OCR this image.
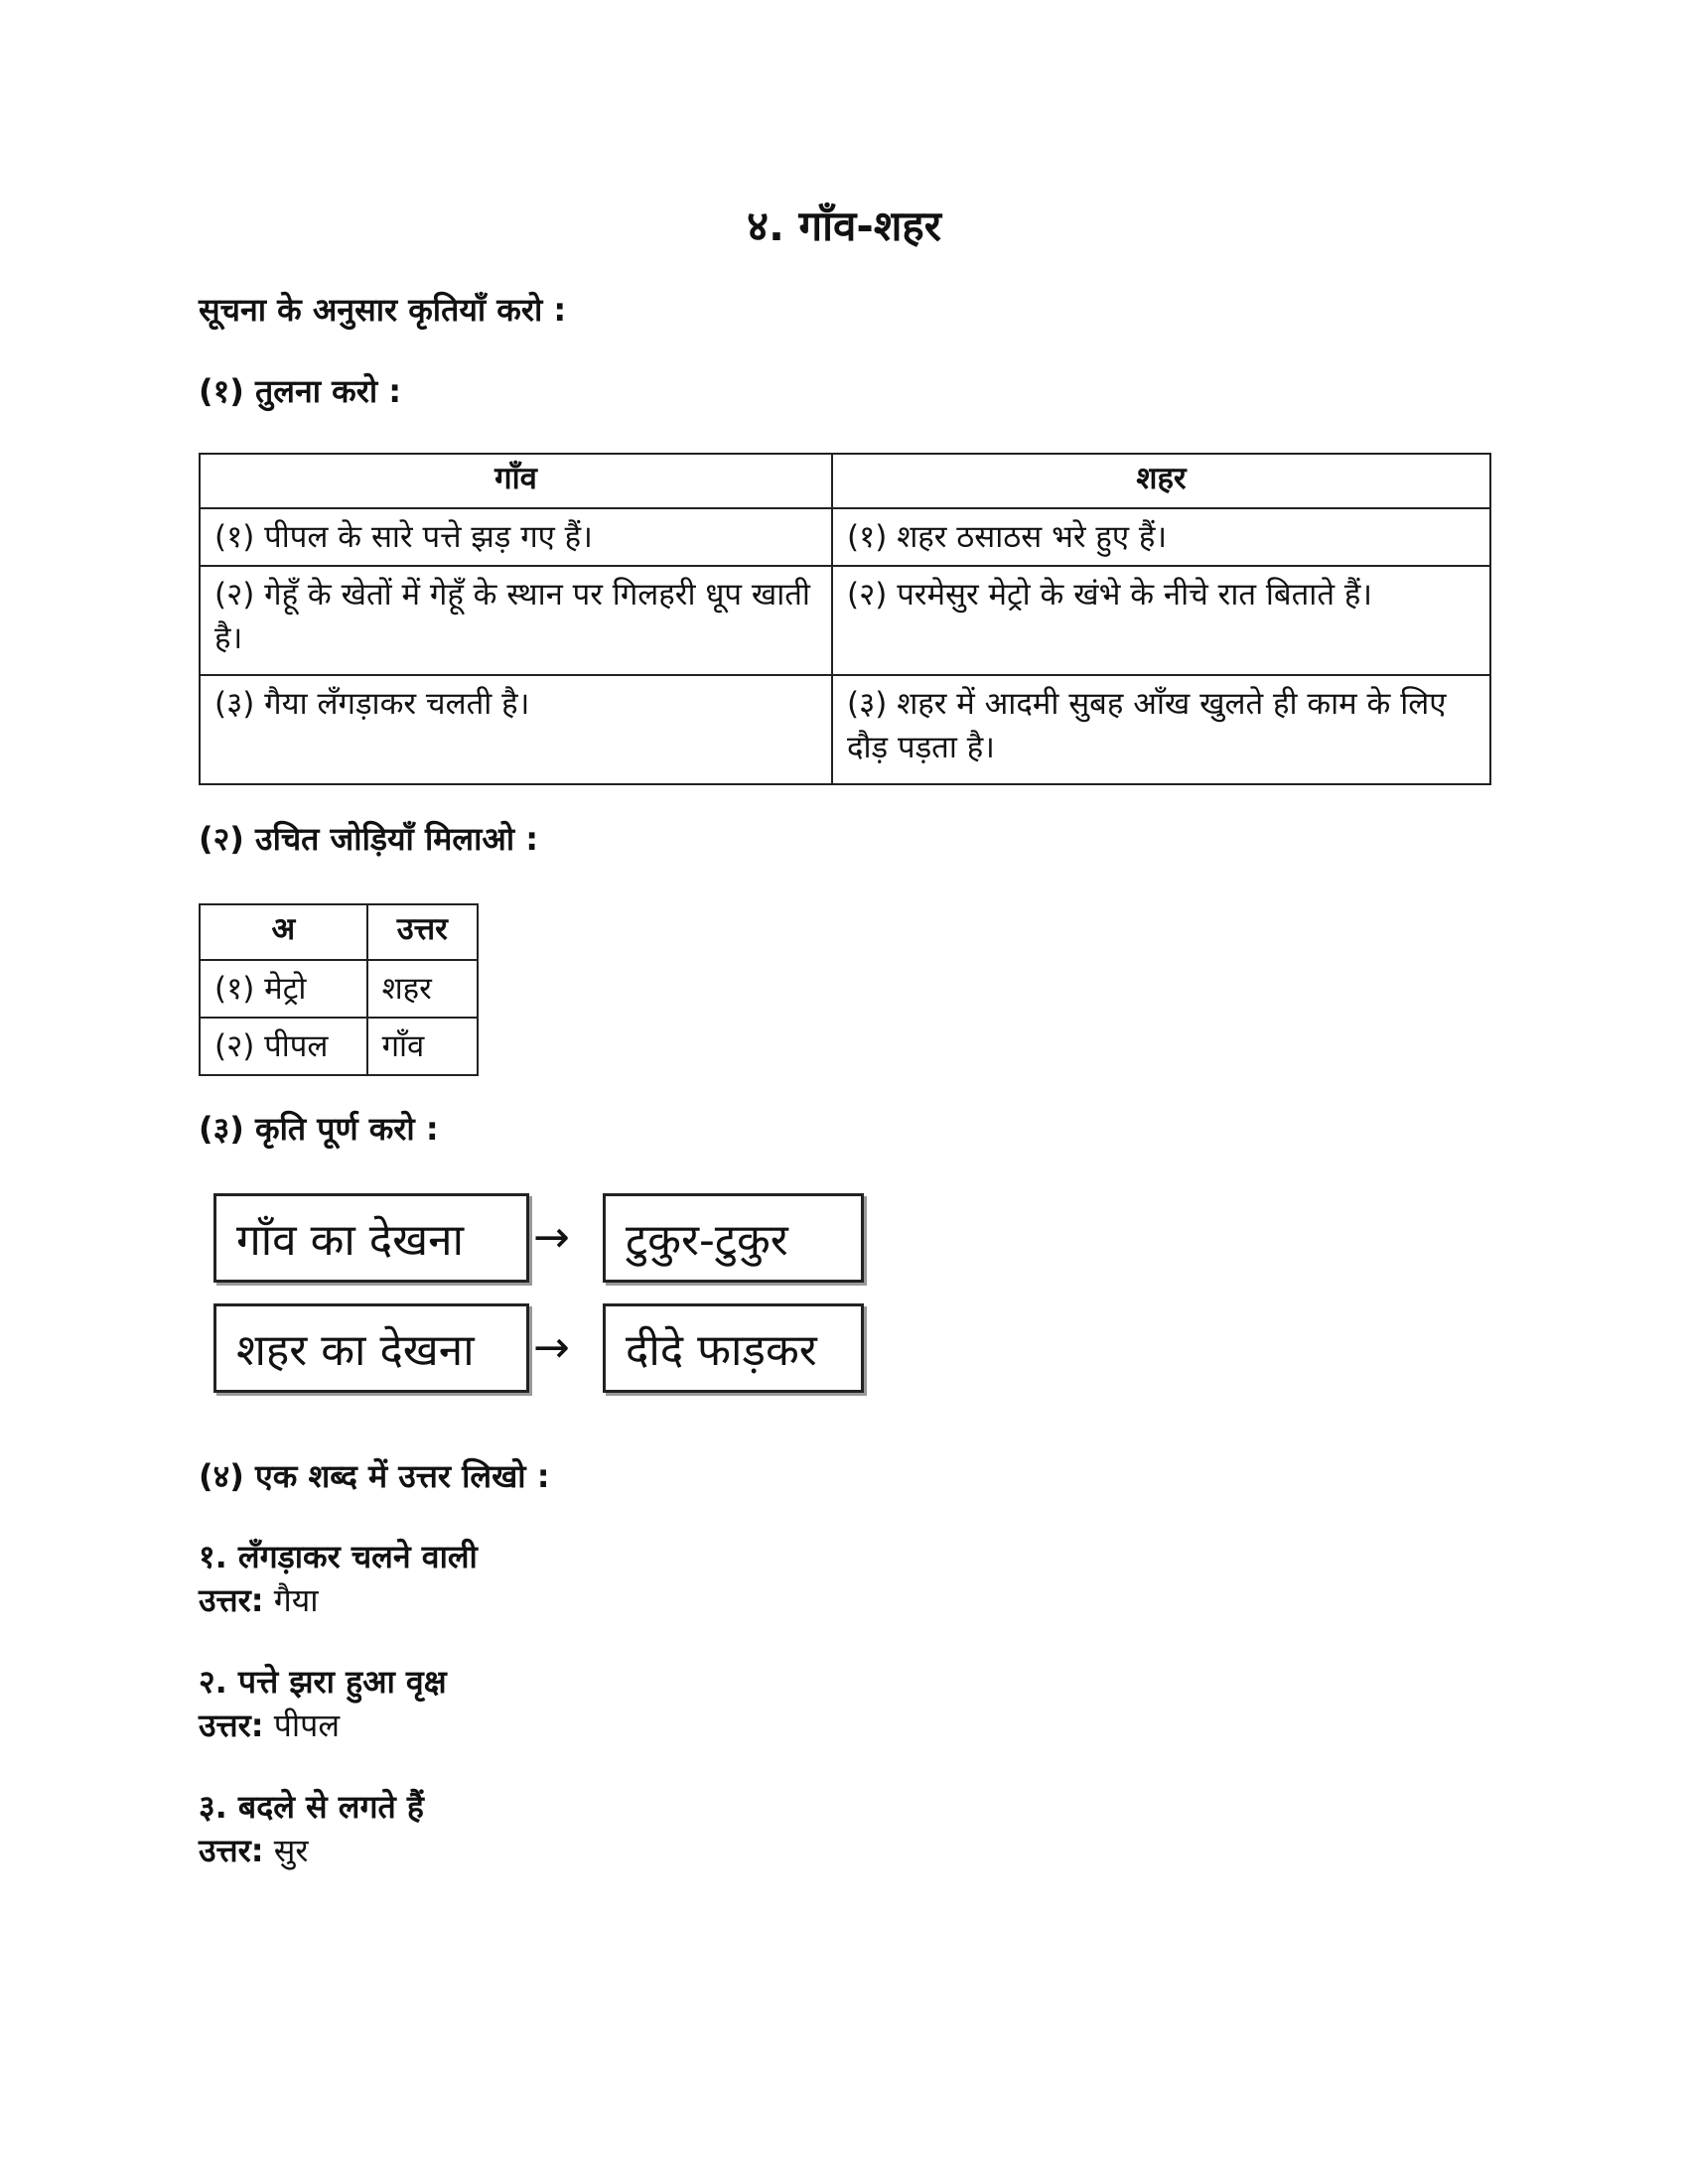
४. गाँव-शहर
सूचना के अनुसार कृतियाँ करो :
(१) तुलना करो :
गाँव	शहर
(१) पीपल के सारे पत्ते झड़ गए हैं।	(१) शहर ठसाठस भरे हुए हैं।
(२) गेहूँ के खेतों में गेहूँ के स्थान पर गिलहरी धूप खाती है।	(२) परमेसुर मेट्रो के खंभे के नीचे रात बिताते हैं।
(३) गैया लँगड़ाकर चलती है।	(३) शहर में आदमी सुबह आँख खुलते ही काम के लिए दौड़ पड़ता है।
(२) उचित जोड़ियाँ मिलाओ :
अ	उत्तर
(१) मेट्रो	शहर
(२) पीपल	गाँव
(३) कृति पूर्ण करो :
गाँव का देखना	→	टुकुर-टुकुर
शहर का देखना	→	दीदे फाड़कर
(४) एक शब्द में उत्तर लिखो :
१. लँगड़ाकर चलने वाली
उत्तर: गैया
२. पत्ते झरा हुआ वृक्ष
उत्तर: पीपल
३. बदले से लगते हैं
उत्तर: सुर
